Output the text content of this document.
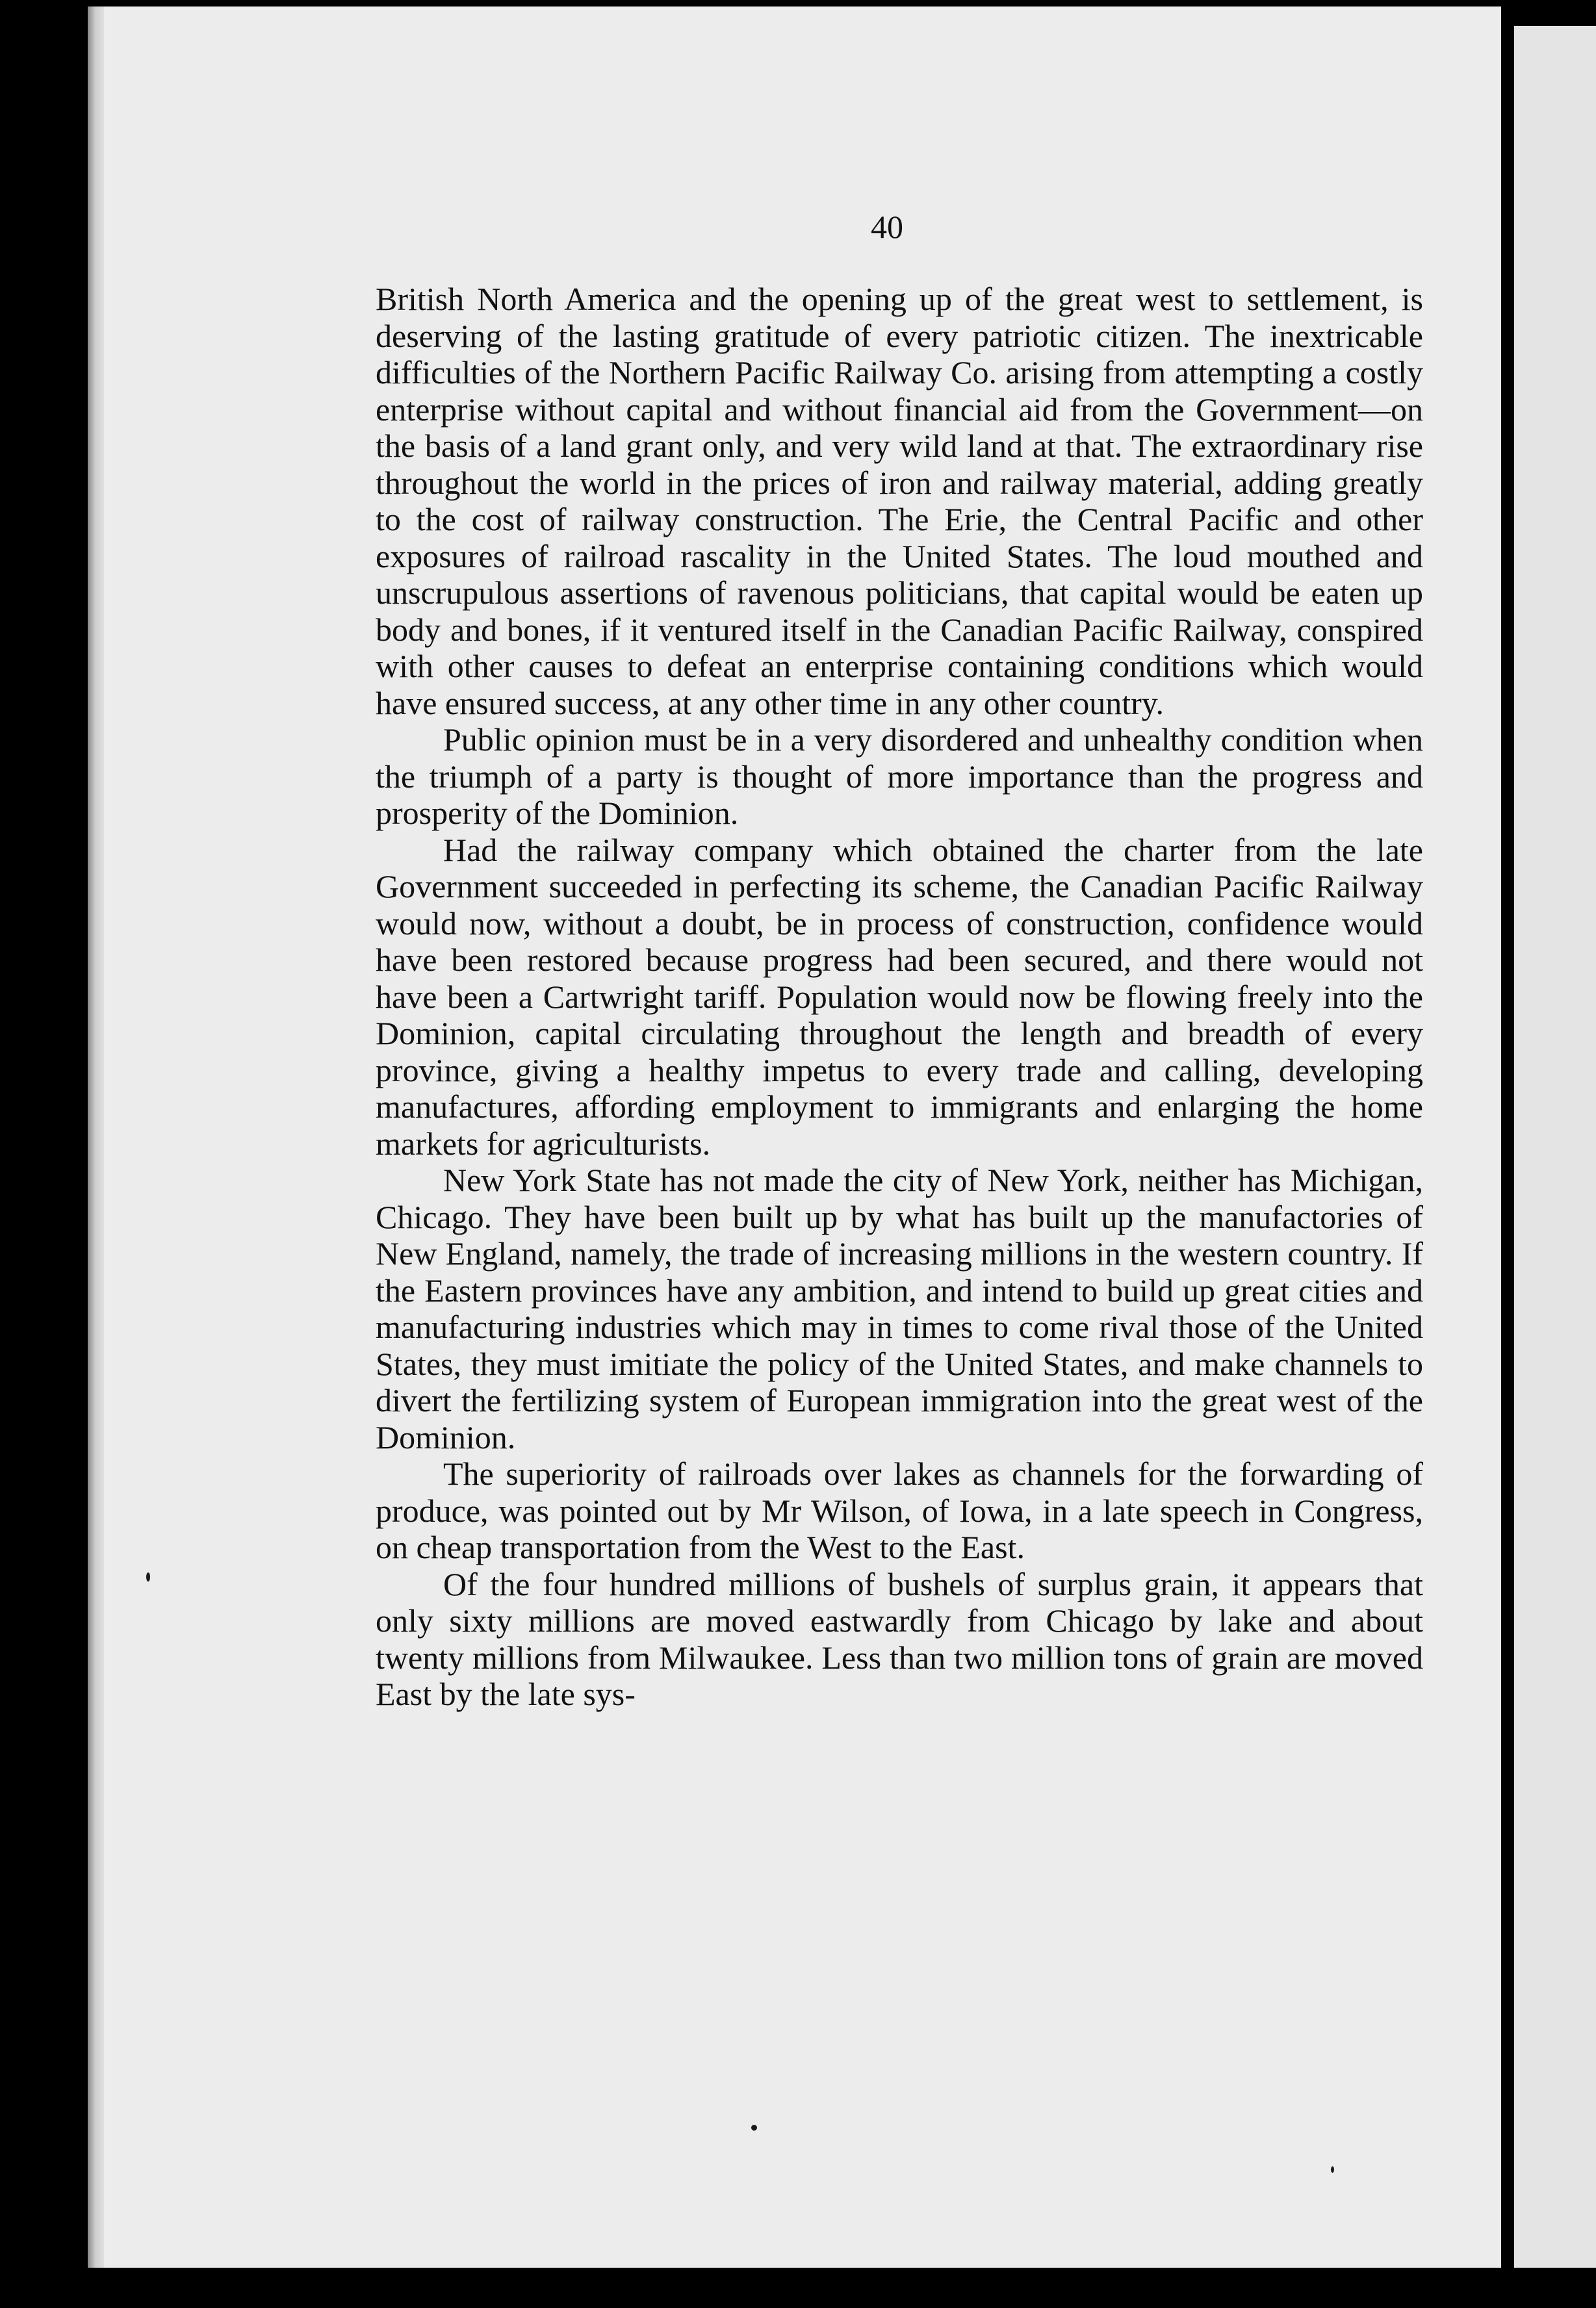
40

British North America and the opening up of the great west to settlement, is deserving of the lasting gratitude of every patriotic citizen. The inextricable difficulties of the Northern Pacific Railway Co. arising from attempting a costly enterprise without capital and without financial aid from the Government—on the basis of a land grant only, and very wild land at that. The extraordinary rise throughout the world in the prices of iron and railway material, adding greatly to the cost of railway construction. The Erie, the Central Pacific and other exposures of railroad rascality in the United States. The loud mouthed and unscrupulous assertions of ravenous politicians, that capital would be eaten up body and bones, if it ventured itself in the Canadian Pacific Railway, conspired with other causes to defeat an enterprise containing conditions which would have ensured success, at any other time in any other country.

Public opinion must be in a very disordered and unhealthy condition when the triumph of a party is thought of more importance than the progress and prosperity of the Dominion.

Had the railway company which obtained the charter from the late Government succeeded in perfecting its scheme, the Canadian Pacific Railway would now, without a doubt, be in process of construction, confidence would have been restored because progress had been secured, and there would not have been a Cartwright tariff. Population would now be flowing freely into the Dominion, capital circulating throughout the length and breadth of every province, giving a healthy impetus to every trade and calling, developing manufactures, affording employment to immigrants and enlarging the home markets for agriculturists.

New York State has not made the city of New York, neither has Michigan, Chicago. They have been built up by what has built up the manufactories of New England, namely, the trade of increasing millions in the western country. If the Eastern provinces have any ambition, and intend to build up great cities and manufacturing industries which may in times to come rival those of the United States, they must imitiate the policy of the United States, and make channels to divert the fertilizing system of European immigration into the great west of the Dominion.

The superiority of railroads over lakes as channels for the forwarding of produce, was pointed out by Mr Wilson, of Iowa, in a late speech in Congress, on cheap transportation from the West to the East.

Of the four hundred millions of bushels of surplus grain, it appears that only sixty millions are moved eastwardly from Chicago by lake and about twenty millions from Milwaukee. Less than two million tons of grain are moved East by the late sys-
